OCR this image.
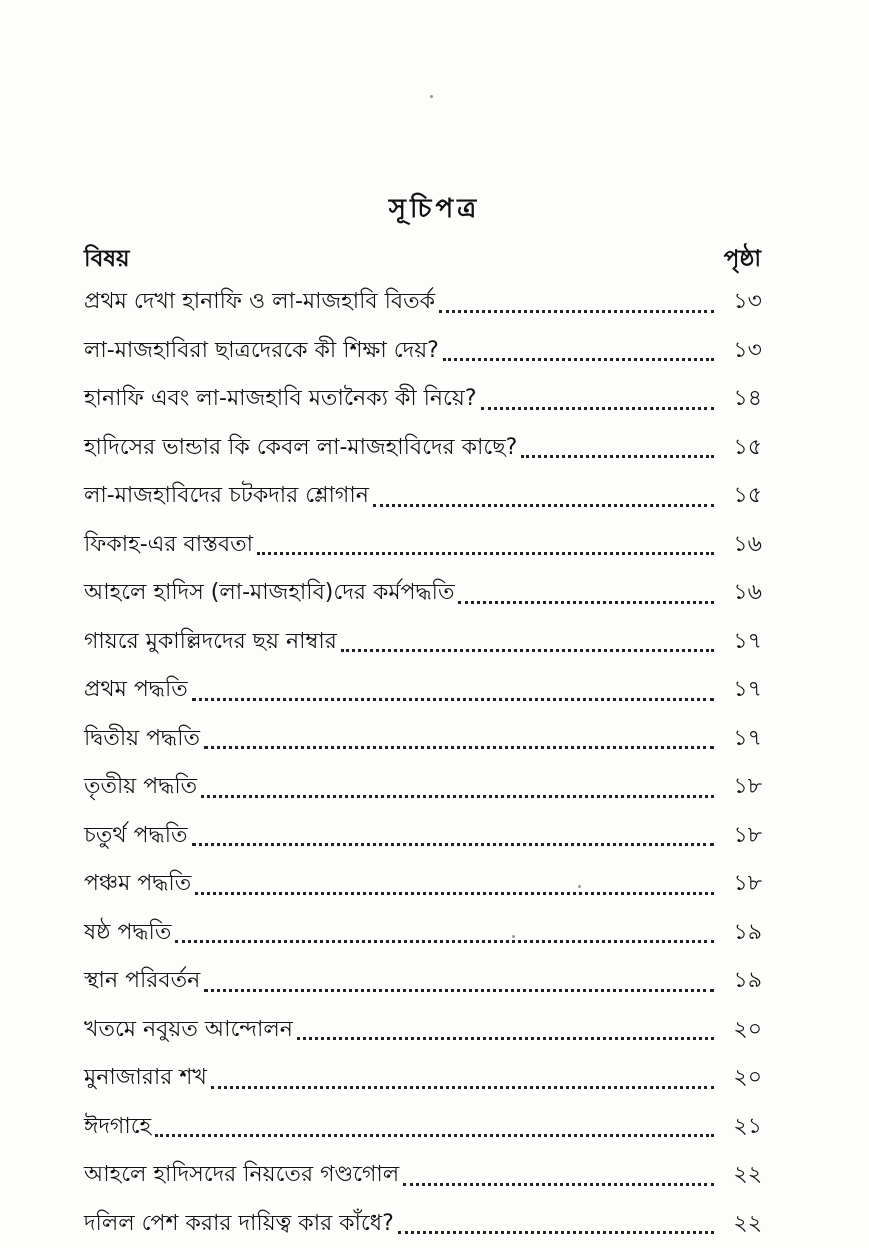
সূচিপত্র
বিষয়	পৃষ্ঠা
প্রথম দেখা হানাফি ও লা-মাজহাবি বিতর্ক	১৩
লা-মাজহাবিরা ছাত্রদেরকে কী শিক্ষা দেয়?	১৩
হানাফি এবং লা-মাজহাবি মতানৈক্য কী নিয়ে?	১৪
হাদিসের ভান্ডার কি কেবল লা-মাজহাবিদের কাছে?	১৫
লা-মাজহাবিদের চটকদার শ্লোগান	১৫
ফিকাহ-এর বাস্তবতা	১৬
আহলে হাদিস (লা-মাজহাবি)দের কর্মপদ্ধতি	১৬
গায়রে মুকাল্লিদদের ছয় নাম্বার	১৭
প্রথম পদ্ধতি	১৭
দ্বিতীয় পদ্ধতি	১৭
তৃতীয় পদ্ধতি	১৮
চতুর্থ পদ্ধতি	১৮
পঞ্চম পদ্ধতি	১৮
ষষ্ঠ পদ্ধতি	১৯
স্থান পরিবর্তন	১৯
খতমে নবুয়ত আন্দোলন	২০
মুনাজারার শখ	২০
ঈদগাহে	২১
আহলে হাদিসদের নিয়তের গণ্ডগোল	২২
দলিল পেশ করার দায়িত্ব কার কাঁধে?	২২
